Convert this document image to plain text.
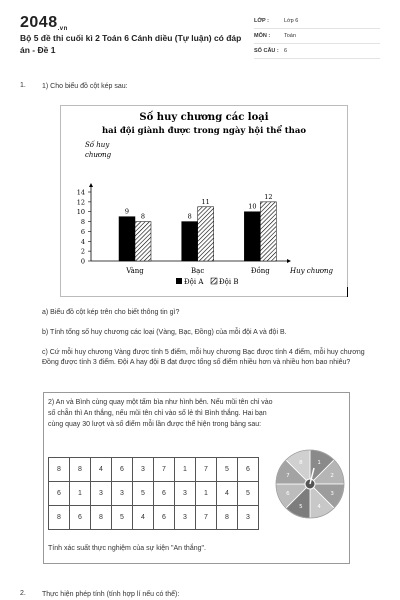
2048.vn
Bộ 5 đề thi cuối kì 2 Toán 6 Cánh diều (Tự luận) có đáp án - Đề 1
LỚP :	Lớp 6
MÔN :	Toán
SỐ CÂU : 6
1. 1) Cho biểu đồ cột kép sau:
Số huy chương các loại
hai đội giành được trong ngày hội thể thao
Số huy
chương
Huy chương
0
2
4
6
8
10
12
14
9
8
Vàng
8
11
Bạc
10
12
Đồng
Đội A Đội B
a) Biểu đồ cột kép trên cho biết thông tin gì?
b) Tính tổng số huy chương các loại (Vàng, Bạc, Đồng) của mỗi đội A và đội B.
c) Cứ mỗi huy chương Vàng được tính 5 điểm, mỗi huy chương Bạc được tính 4 điểm, mỗi huy chương Đồng được tính 3 điểm. Đội A hay đội B đạt được tổng số điểm nhiều hơn và nhiều hơn bao nhiêu?
2) An và Bình cùng quay một tấm bìa như hình bên. Nếu mũi tên chỉ vào số chẵn thì An thắng, nếu mũi tên chỉ vào số lẻ thì Bình thắng. Hai bạn cùng quay 30 lượt và số điểm mỗi lần được thể hiện trong bảng sau:
8	8	4	6	3	7	1	7	5	6
6	1	3	3	5	6	3	1	4	5
8	6	8	5	4	6	3	7	8	3
Tính xác suất thực nghiệm của sự kiện "An thắng".
1
2
3
4
5
6
7
8
2. Thực hiện phép tính (tính hợp lí nếu có thể):
